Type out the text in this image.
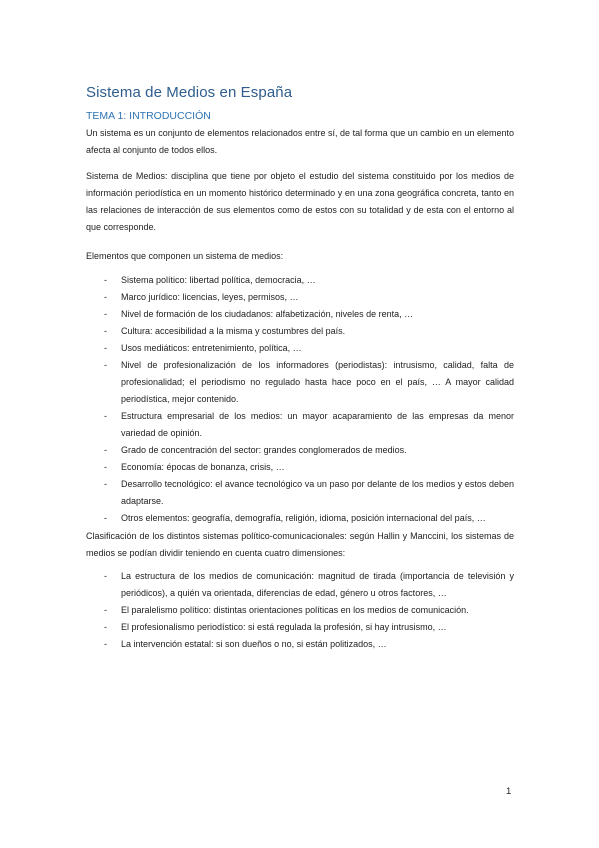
Sistema de Medios en España
TEMA 1: INTRODUCCIÓN

Un sistema es un conjunto de elementos relacionados entre sí, de tal forma que un cambio en un elemento afecta al conjunto de todos ellos.

Sistema de Medios: disciplina que tiene por objeto el estudio del sistema constituido por los medios de información periodística en un momento histórico determinado y en una zona geográfica concreta, tanto en las relaciones de interacción de sus elementos como de estos con su totalidad y de esta con el entorno al que corresponde.

Elementos que componen un sistema de medios:

- Sistema político: libertad política, democracia, …
- Marco jurídico: licencias, leyes, permisos, …
- Nivel de formación de los ciudadanos: alfabetización, niveles de renta, …
- Cultura: accesibilidad a la misma y costumbres del país.
- Usos mediáticos: entretenimiento, política, …
- Nivel de profesionalización de los informadores (periodistas): intrusismo, calidad, falta de profesionalidad; el periodismo no regulado hasta hace poco en el país, … A mayor calidad periodística, mejor contenido.
- Estructura empresarial de los medios: un mayor acaparamiento de las empresas da menor variedad de opinión.
- Grado de concentración del sector: grandes conglomerados de medios.
- Economía: épocas de bonanza, crisis, …
- Desarrollo tecnológico: el avance tecnológico va un paso por delante de los medios y estos deben adaptarse.
- Otros elementos: geografía, demografía, religión, idioma, posición internacional del país, …

Clasificación de los distintos sistemas político-comunicacionales: según Hallin y Manccini, los sistemas de medios se podían dividir teniendo en cuenta cuatro dimensiones:

- La estructura de los medios de comunicación: magnitud de tirada (importancia de televisión y periódicos), a quién va orientada, diferencias de edad, género u otros factores, …
- El paralelismo político: distintas orientaciones políticas en los medios de comunicación.
- El profesionalismo periodístico: si está regulada la profesión, si hay intrusismo, …
- La intervención estatal: si son dueños o no, si están politizados, …
1
